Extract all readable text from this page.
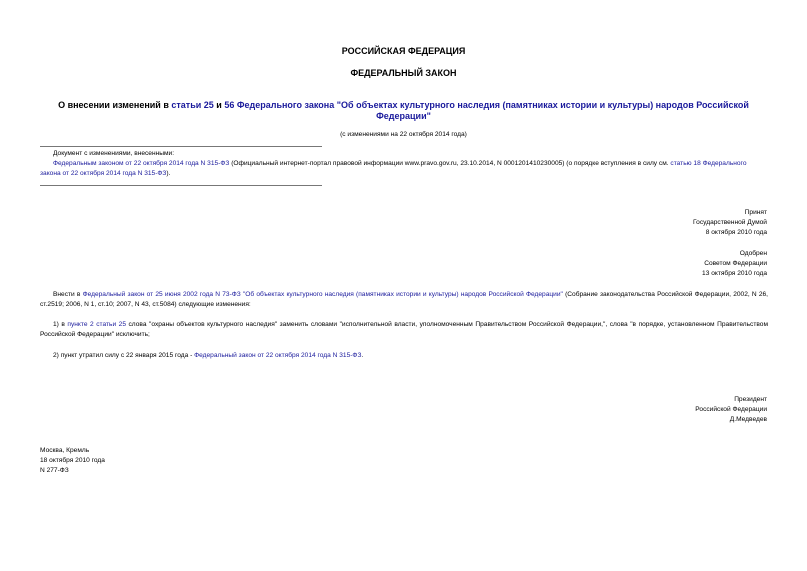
РОССИЙСКАЯ ФЕДЕРАЦИЯ
ФЕДЕРАЛЬНЫЙ ЗАКОН
О внесении изменений в статьи 25 и 56 Федерального закона "Об объектах культурного наследия (памятниках истории и культуры) народов Российской Федерации"
(с изменениями на 22 октября 2014 года)
Документ с изменениями, внесенными:
Федеральным законом от 22 октября 2014 года N 315-ФЗ (Официальный интернет-портал правовой информации www.pravo.gov.ru, 23.10.2014, N 0001201410230005) (о порядке вступления в силу см. статью 18 Федерального закона от 22 октября 2014 года N 315-ФЗ).
Принят
Государственной Думой
8 октября 2010 года
Одобрен
Советом Федерации
13 октября 2010 года
Внести в Федеральный закон от 25 июня 2002 года N 73-ФЗ "Об объектах культурного наследия (памятниках истории и культуры) народов Российской Федерации" (Собрание законодательства Российской Федерации, 2002, N 26, ст.2519; 2006, N 1, ст.10; 2007, N 43, ст.5084) следующие изменения:
1) в пункте 2 статьи 25 слова "охраны объектов культурного наследия" заменить словами "исполнительной власти, уполномоченным Правительством Российской Федерации,", слова "в порядке, установленном Правительством Российской Федерации" исключить;
2) пункт утратил силу с 22 января 2015 года - Федеральный закон от 22 октября 2014 года N 315-ФЗ.
Президент
Российской Федерации
Д.Медведев
Москва, Кремль
18 октября 2010 года
N 277-ФЗ
